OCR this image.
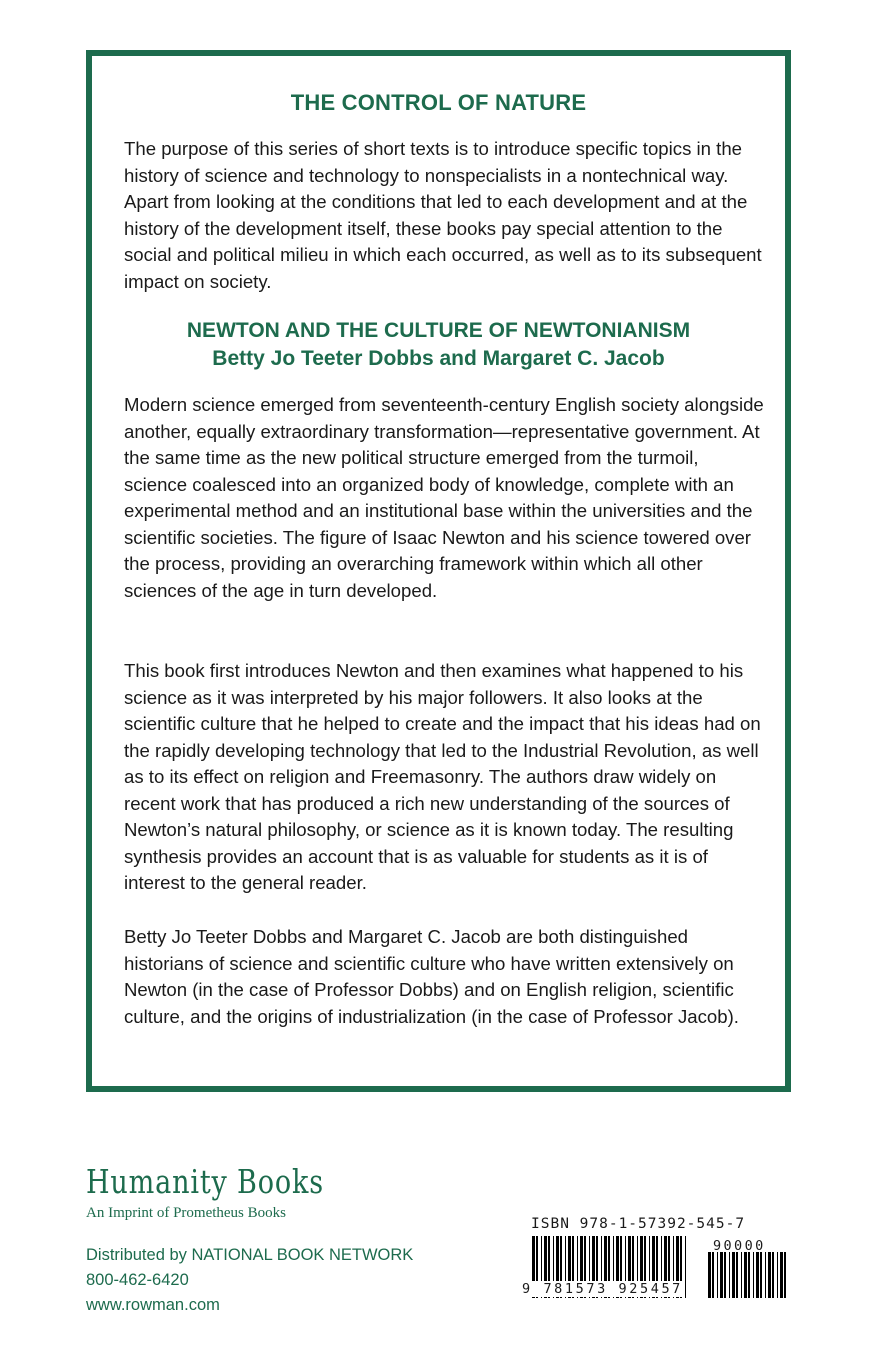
THE CONTROL OF NATURE

The purpose of this series of short texts is to introduce specific topics in the history of science and technology to nonspecialists in a nontechnical way. Apart from looking at the conditions that led to each development and at the history of the development itself, these books pay special attention to the social and political milieu in which each occurred, as well as to its subsequent impact on society.

NEWTON AND THE CULTURE OF NEWTONIANISM
Betty Jo Teeter Dobbs and Margaret C. Jacob

Modern science emerged from seventeenth-century English society alongside another, equally extraordinary transformation—representative government. At the same time as the new political structure emerged from the turmoil, science coalesced into an organized body of knowledge, complete with an experimental method and an institutional base within the universities and the scientific societies. The figure of Isaac Newton and his science towered over the process, providing an overarching framework within which all other sciences of the age in turn developed.

This book first introduces Newton and then examines what happened to his science as it was interpreted by his major followers. It also looks at the scientific culture that he helped to create and the impact that his ideas had on the rapidly developing technology that led to the Industrial Revolution, as well as to its effect on religion and Freemasonry. The authors draw widely on recent work that has produced a rich new understanding of the sources of Newton’s natural philosophy, or science as it is known today. The resulting synthesis provides an account that is as valuable for students as it is of interest to the general reader.

Betty Jo Teeter Dobbs and Margaret C. Jacob are both distinguished historians of science and scientific culture who have written extensively on Newton (in the case of Professor Dobbs) and on English religion, scientific culture, and the origins of industrialization (in the case of Professor Jacob).

Humanity Books
An Imprint of Prometheus Books
Distributed by NATIONAL BOOK NETWORK
800-462-6420
www.rowman.com
ISBN 978-1-57392-545-7
9 781573 925457
90000
